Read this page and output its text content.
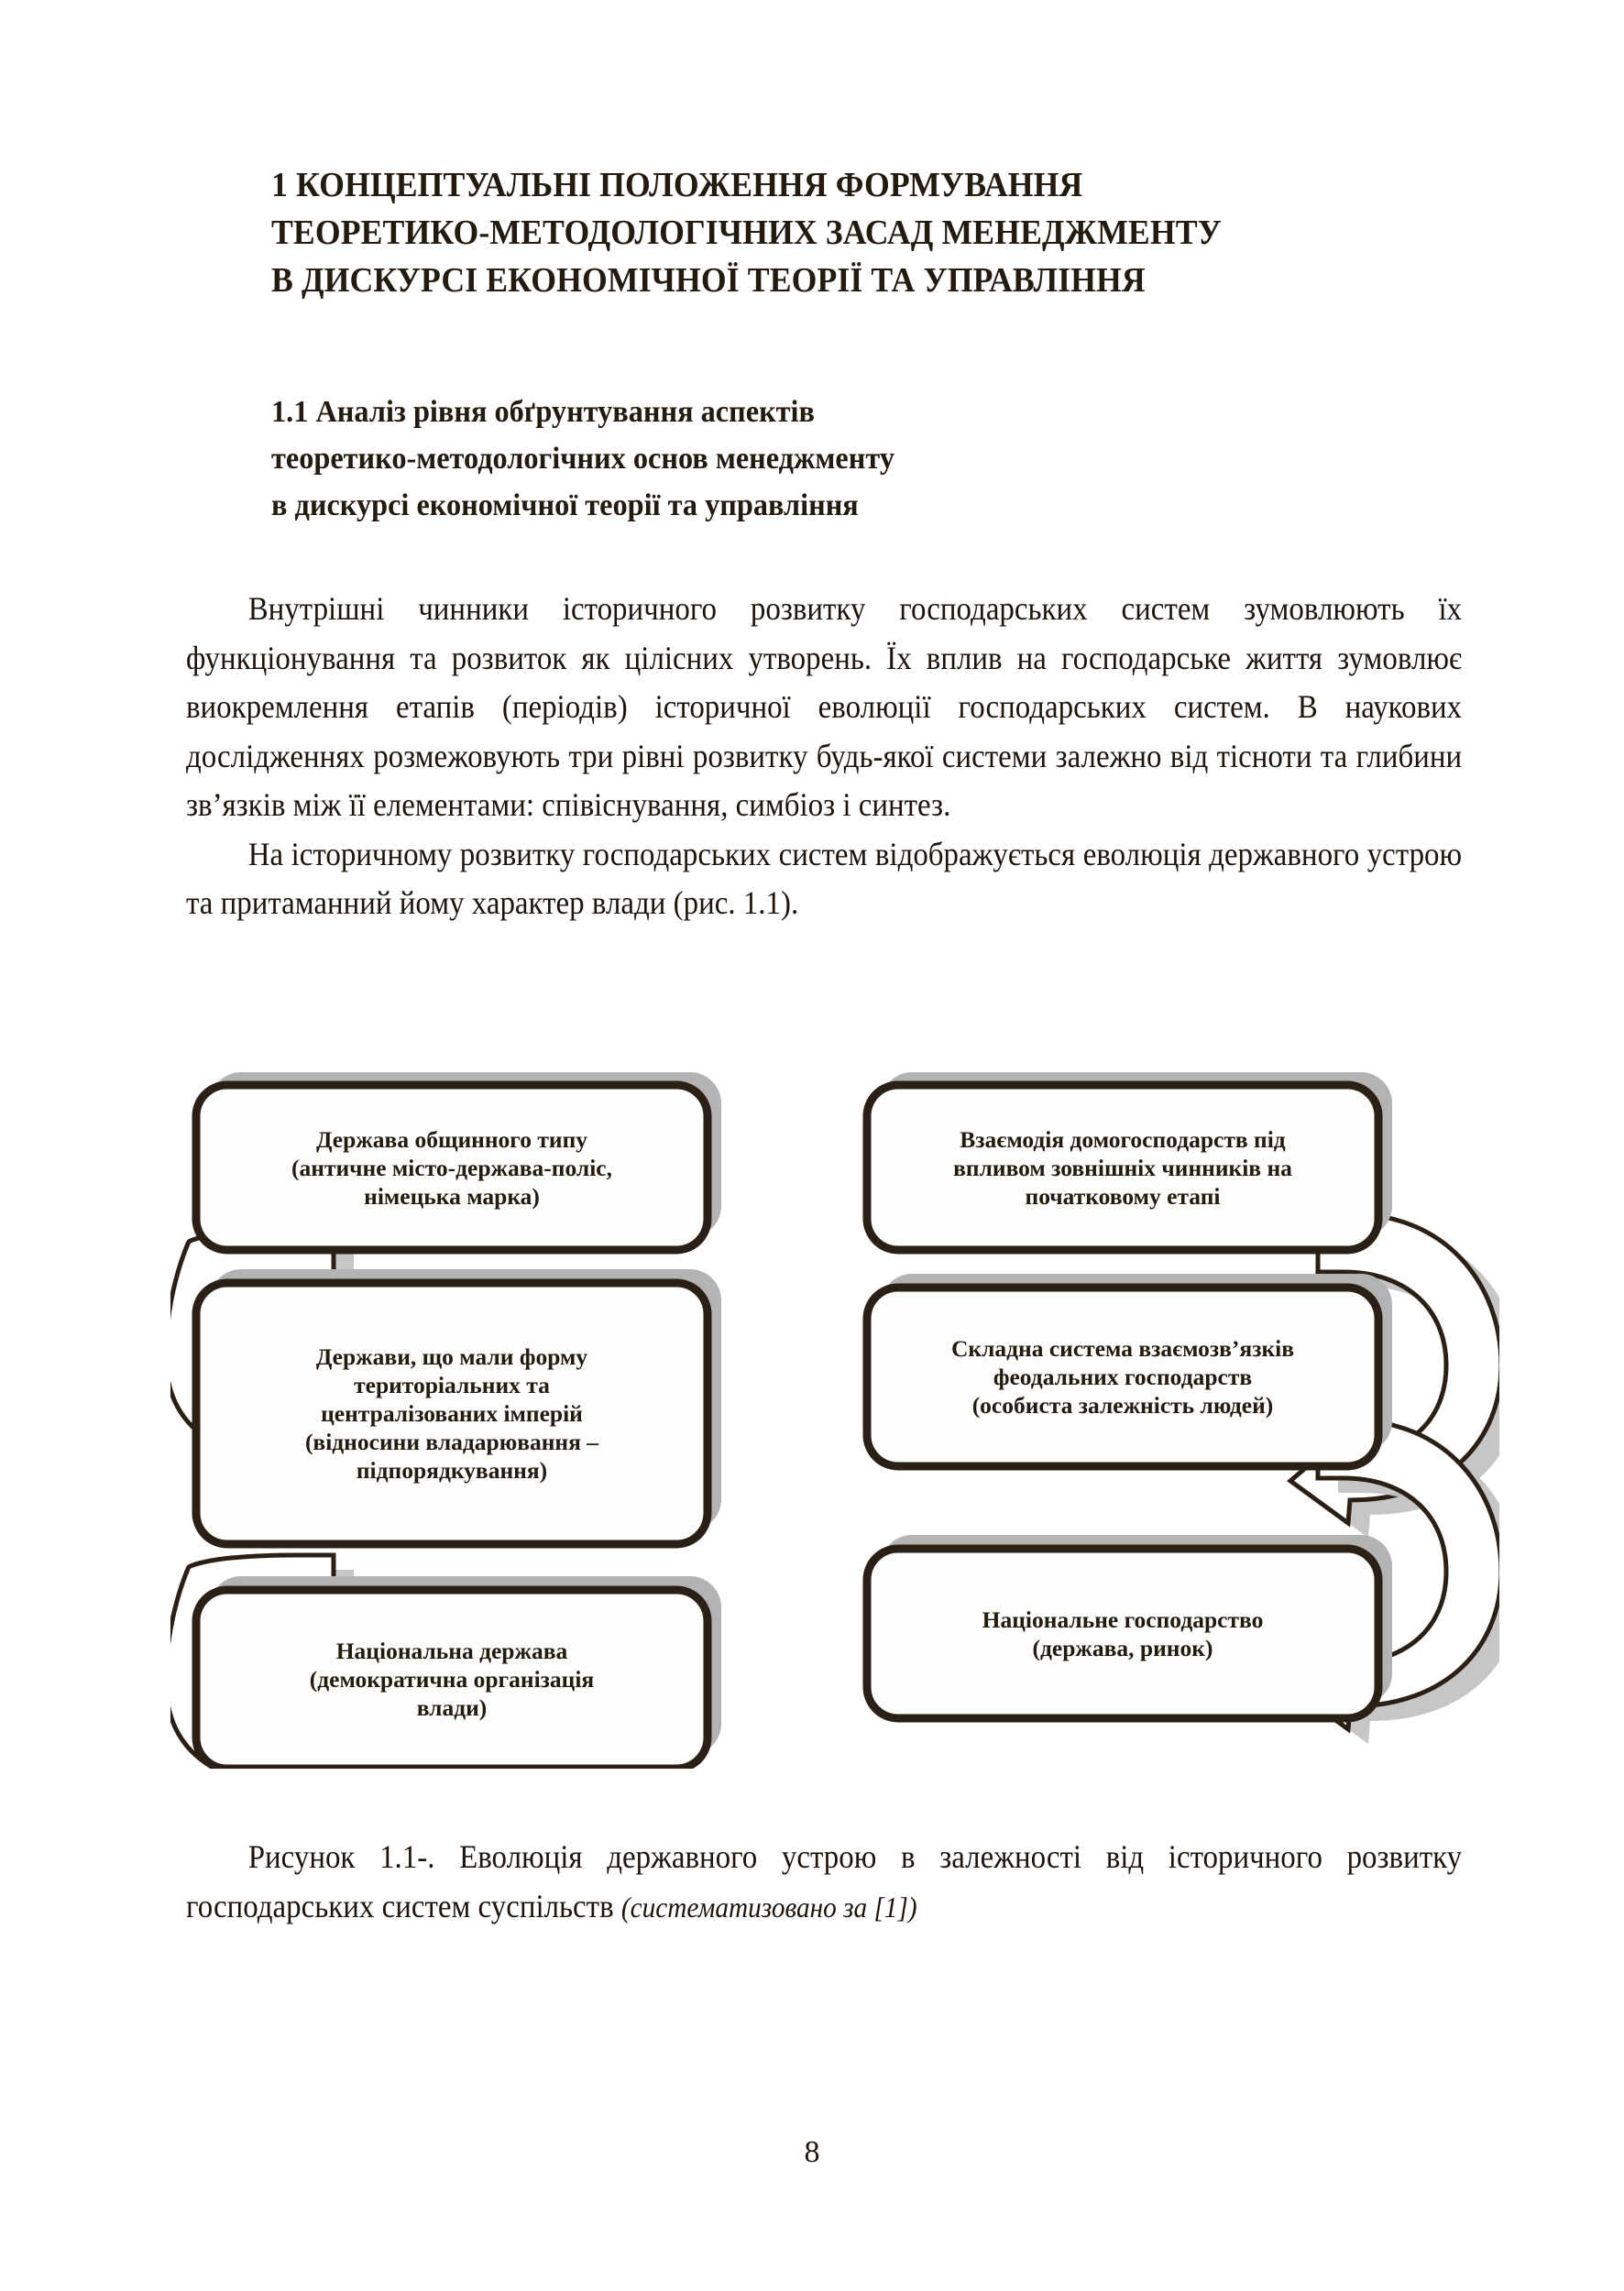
1 КОНЦЕПТУАЛЬНІ ПОЛОЖЕННЯ ФОРМУВАННЯ
ТЕОРЕТИКО-МЕТОДОЛОГІЧНИХ ЗАСАД МЕНЕДЖМЕНТУ
В ДИСКУРСІ ЕКОНОМІЧНОЇ ТЕОРІЇ ТА УПРАВЛІННЯ
1.1 Аналіз рівня обґрунтування аспектів
теоретико-методологічних основ менеджменту
в дискурсі економічної теорії та управління

Внутрішні чинники історичного розвитку господарських систем зумовлюють їх функціонування та розвиток як цілісних утворень. Їх вплив на господарське життя зумовлює виокремлення етапів (періодів) історичної еволюції господарських систем. В наукових дослідженнях розмежовують три рівні розвитку будь-якої системи залежно від тісноти та глибини зв’язків між її елементами: співіснування, симбіоз і синтез.

На історичному розвитку господарських систем відображується еволюція державного устрою та притаманний йому характер влади (рис. 1.1).

Держава общинного типу
(античне місто-держава-поліс,
німецька марка)
Взаємодія домогосподарств під
впливом зовнішніх чинників на
початковому етапі
Держави, що мали форму
територіальних та
централізованих імперій
(відносини владарювання –
підпорядкування)
Складна система взаємозв’язків
феодальних господарств
(особиста залежність людей)
Національна держава
(демократична організація
влади)
Національне господарство
(держава, ринок)

Рисунок 1.1-. Еволюція державного устрою в залежності від історичного розвитку господарських систем суспільств (систематизовано за [1])

8
